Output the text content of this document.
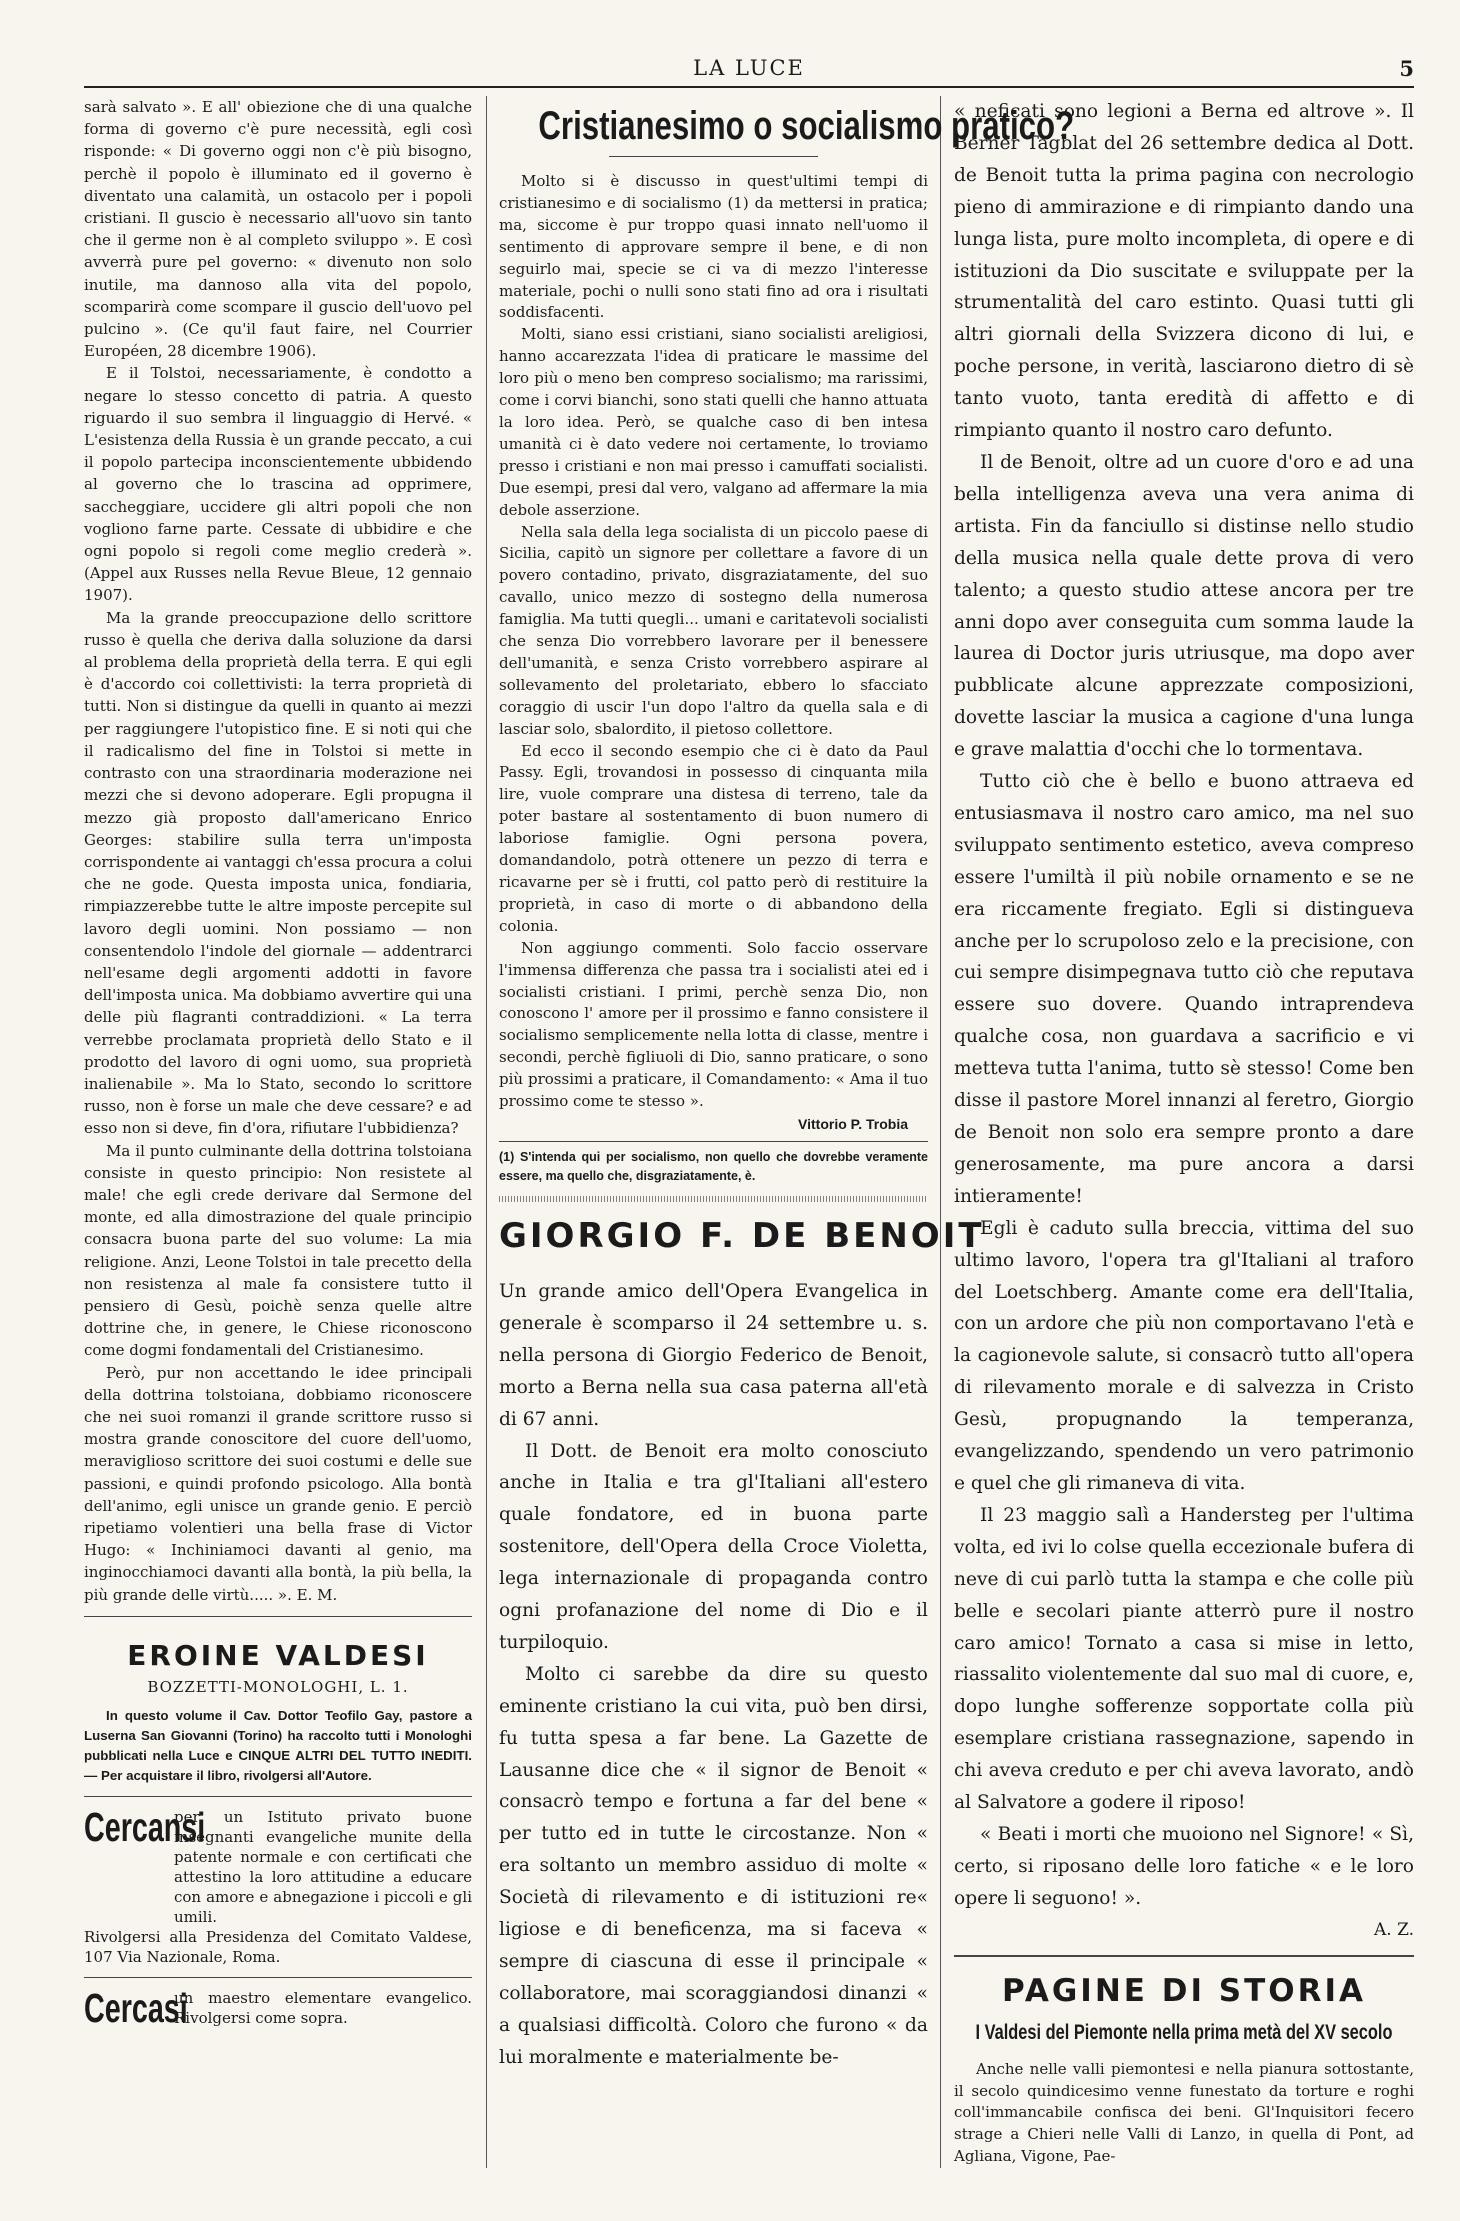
LA LUCE	5

sarà salvato ». E all' obiezione che di una qualche forma di governo c'è pure necessità, egli così risponde: « Di governo oggi non c'è più bisogno, perchè il popolo è illuminato ed il governo è diventato una calamità, un ostacolo per i popoli cristiani. Il guscio è necessario all'uovo sin tanto che il germe non è al completo sviluppo ». E così avverrà pure pel governo: « divenuto non solo inutile, ma dannoso alla vita del popolo, scomparirà come scompare il guscio dell'uovo pel pulcino ». (Ce qu'il faut faire, nel Courrier Européen, 28 dicembre 1906).

E il Tolstoi, necessariamente, è condotto a negare lo stesso concetto di patria. A questo riguardo il suo sembra il linguaggio di Hervé. « L'esistenza della Russia è un grande peccato, a cui il popolo partecipa inconscientemente ubbidendo al governo che lo trascina ad opprimere, saccheggiare, uccidere gli altri popoli che non vogliono farne parte. Cessate di ubbidire e che ogni popolo si regoli come meglio crederà ». (Appel aux Russes nella Revue Bleue, 12 gennaio 1907).

Ma la grande preoccupazione dello scrittore russo è quella che deriva dalla soluzione da darsi al problema della proprietà della terra. E qui egli è d'accordo coi collettivisti: la terra proprietà di tutti. Non si distingue da quelli in quanto ai mezzi per raggiungere l'utopistico fine. E si noti qui che il radicalismo del fine in Tolstoi si mette in contrasto con una straordinaria moderazione nei mezzi che si devono adoperare. Egli propugna il mezzo già proposto dall'americano Enrico Georges: stabilire sulla terra un'imposta corrispondente ai vantaggi ch'essa procura a colui che ne gode. Questa imposta unica, fondiaria, rimpiazzerebbe tutte le altre imposte percepite sul lavoro degli uomini. Non possiamo — non consentendolo l'indole del giornale — addentrarci nell'esame degli argomenti addotti in favore dell'imposta unica. Ma dobbiamo avvertire qui una delle più flagranti contraddizioni. « La terra verrebbe proclamata proprietà dello Stato e il prodotto del lavoro di ogni uomo, sua proprietà inalienabile ». Ma lo Stato, secondo lo scrittore russo, non è forse un male che deve cessare? e ad esso non si deve, fin d'ora, rifiutare l'ubbidienza?

Ma il punto culminante della dottrina tolstoiana consiste in questo principio: Non resistete al male! che egli crede derivare dal Sermone del monte, ed alla dimostrazione del quale principio consacra buona parte del suo volume: La mia religione. Anzi, Leone Tolstoi in tale precetto della non resistenza al male fa consistere tutto il pensiero di Gesù, poichè senza quelle altre dottrine che, in genere, le Chiese riconoscono come dogmi fondamentali del Cristianesimo.

Però, pur non accettando le idee principali della dottrina tolstoiana, dobbiamo riconoscere che nei suoi romanzi il grande scrittore russo si mostra grande conoscitore del cuore dell'uomo, meraviglioso scrittore dei suoi costumi e delle sue passioni, e quindi profondo psicologo. Alla bontà dell'animo, egli unisce un grande genio. E perciò ripetiamo volentieri una bella frase di Victor Hugo: « Inchiniamoci davanti al genio, ma inginocchiamoci davanti alla bontà, la più bella, la più grande delle virtù..... ». E. M.

EROINE VALDESI
BOZZETTI-MONOLOGHI, L. 1.

In questo volume il Cav. Dottor Teofilo Gay, pastore a Luserna San Giovanni (Torino) ha raccolto tutti i Monologhi pubblicati nella Luce e CINQUE ALTRI DEL TUTTO INEDITI. — Per acquistare il libro, rivolgersi all'Autore.

Cercansi
per un Istituto privato buone insegnanti evangeliche munite della patente normale e con certificati che attestino la loro attitudine a educare con amore e abnegazione i piccoli e gli umili.

Rivolgersi alla Presidenza del Comitato Valdese, 107 Via Nazionale, Roma.

Cercasi
un maestro elementare evangelico. Rivolgersi come sopra.
Cristianesimo o socialismo pratico?

Molto si è discusso in quest'ultimi tempi di cristianesimo e di socialismo (1) da mettersi in pratica; ma, siccome è pur troppo quasi innato nell'uomo il sentimento di approvare sempre il bene, e di non seguirlo mai, specie se ci va di mezzo l'interesse materiale, pochi o nulli sono stati fino ad ora i risultati soddisfacenti.

Molti, siano essi cristiani, siano socialisti areligiosi, hanno accarezzata l'idea di praticare le massime del loro più o meno ben compreso socialismo; ma rarissimi, come i corvi bianchi, sono stati quelli che hanno attuata la loro idea. Però, se qualche caso di ben intesa umanità ci è dato vedere noi certamente, lo troviamo presso i cristiani e non mai presso i camuffati socialisti. Due esempi, presi dal vero, valgano ad affermare la mia debole asserzione.

Nella sala della lega socialista di un piccolo paese di Sicilia, capitò un signore per collettare a favore di un povero contadino, privato, disgraziatamente, del suo cavallo, unico mezzo di sostegno della numerosa famiglia. Ma tutti quegli... umani e caritatevoli socialisti che senza Dio vorrebbero lavorare per il benessere dell'umanità, e senza Cristo vorrebbero aspirare al sollevamento del proletariato, ebbero lo sfacciato coraggio di uscir l'un dopo l'altro da quella sala e di lasciar solo, sbalordito, il pietoso collettore.

Ed ecco il secondo esempio che ci è dato da Paul Passy. Egli, trovandosi in possesso di cinquanta mila lire, vuole comprare una distesa di terreno, tale da poter bastare al sostentamento di buon numero di laboriose famiglie. Ogni persona povera, domandandolo, potrà ottenere un pezzo di terra e ricavarne per sè i frutti, col patto però di restituire la proprietà, in caso di morte o di abbandono della colonia.

Non aggiungo commenti. Solo faccio osservare l'immensa differenza che passa tra i socialisti atei ed i socialisti cristiani. I primi, perchè senza Dio, non conoscono l' amore per il prossimo e fanno consistere il socialismo semplicemente nella lotta di classe, mentre i secondi, perchè figliuoli di Dio, sanno praticare, o sono più prossimi a praticare, il Comandamento: « Ama il tuo prossimo come te stesso ».

Vittorio P. Trobia

(1) S'intenda qui per socialismo, non quello che dovrebbe veramente essere, ma quello che, disgraziatamente, è.

GIORGIO F. DE BENOIT

Un grande amico dell'Opera Evangelica in generale è scomparso il 24 settembre u. s. nella persona di Giorgio Federico de Benoit, morto a Berna nella sua casa paterna all'età di 67 anni.

Il Dott. de Benoit era molto conosciuto anche in Italia e tra gl'Italiani all'estero quale fondatore, ed in buona parte sostenitore, dell'Opera della Croce Violetta, lega internazionale di propaganda contro ogni profanazione del nome di Dio e il turpiloquio.

Molto ci sarebbe da dire su questo eminente cristiano la cui vita, può ben dirsi, fu tutta spesa a far bene. La Gazette de Lausanne dice che « il signor de Benoit « consacrò tempo e fortuna a far del bene « per tutto ed in tutte le circostanze. Non « era soltanto un membro assiduo di molte « Società di rilevamento e di istituzioni re« ligiose e di beneficenza, ma si faceva « sempre di ciascuna di esse il principale « collaboratore, mai scoraggiandosi dinanzi « a qualsiasi difficoltà. Coloro che furono « da lui moralmente e materialmente be-

« neficati sono legioni a Berna ed altrove ». Il Berner Tagblat del 26 settembre dedica al Dott. de Benoit tutta la prima pagina con necrologio pieno di ammirazione e di rimpianto dando una lunga lista, pure molto incompleta, di opere e di istituzioni da Dio suscitate e sviluppate per la strumentalità del caro estinto. Quasi tutti gli altri giornali della Svizzera dicono di lui, e poche persone, in verità, lasciarono dietro di sè tanto vuoto, tanta eredità di affetto e di rimpianto quanto il nostro caro defunto.

Il de Benoit, oltre ad un cuore d'oro e ad una bella intelligenza aveva una vera anima di artista. Fin da fanciullo si distinse nello studio della musica nella quale dette prova di vero talento; a questo studio attese ancora per tre anni dopo aver conseguita cum somma laude la laurea di Doctor juris utriusque, ma dopo aver pubblicate alcune apprezzate composizioni, dovette lasciar la musica a cagione d'una lunga e grave malattia d'occhi che lo tormentava.

Tutto ciò che è bello e buono attraeva ed entusiasmava il nostro caro amico, ma nel suo sviluppato sentimento estetico, aveva compreso essere l'umiltà il più nobile ornamento e se ne era riccamente fregiato. Egli si distingueva anche per lo scrupoloso zelo e la precisione, con cui sempre disimpegnava tutto ciò che reputava essere suo dovere. Quando intraprendeva qualche cosa, non guardava a sacrificio e vi metteva tutta l'anima, tutto sè stesso! Come ben disse il pastore Morel innanzi al feretro, Giorgio de Benoit non solo era sempre pronto a dare generosamente, ma pure ancora a darsi intieramente!

Egli è caduto sulla breccia, vittima del suo ultimo lavoro, l'opera tra gl'Italiani al traforo del Loetschberg. Amante come era dell'Italia, con un ardore che più non comportavano l'età e la cagionevole salute, si consacrò tutto all'opera di rilevamento morale e di salvezza in Cristo Gesù, propugnando la temperanza, evangelizzando, spendendo un vero patrimonio e quel che gli rimaneva di vita.

Il 23 maggio salì a Handersteg per l'ultima volta, ed ivi lo colse quella eccezionale bufera di neve di cui parlò tutta la stampa e che colle più belle e secolari piante atterrò pure il nostro caro amico! Tornato a casa si mise in letto, riassalito violentemente dal suo mal di cuore, e, dopo lunghe sofferenze sopportate colla più esemplare cristiana rassegnazione, sapendo in chi aveva creduto e per chi aveva lavorato, andò al Salvatore a godere il riposo!

« Beati i morti che muoiono nel Signore! « Sì, certo, si riposano delle loro fatiche « e le loro opere li seguono! ».

A. Z.
PAGINE DI STORIA
I Valdesi del Piemonte nella prima metà del XV secolo

Anche nelle valli piemontesi e nella pianura sottostante, il secolo quindicesimo venne funestato da torture e roghi coll'immancabile confisca dei beni. Gl'Inquisitori fecero strage a Chieri nelle Valli di Lanzo, in quella di Pont, ad Agliana, Vigone, Pae-
